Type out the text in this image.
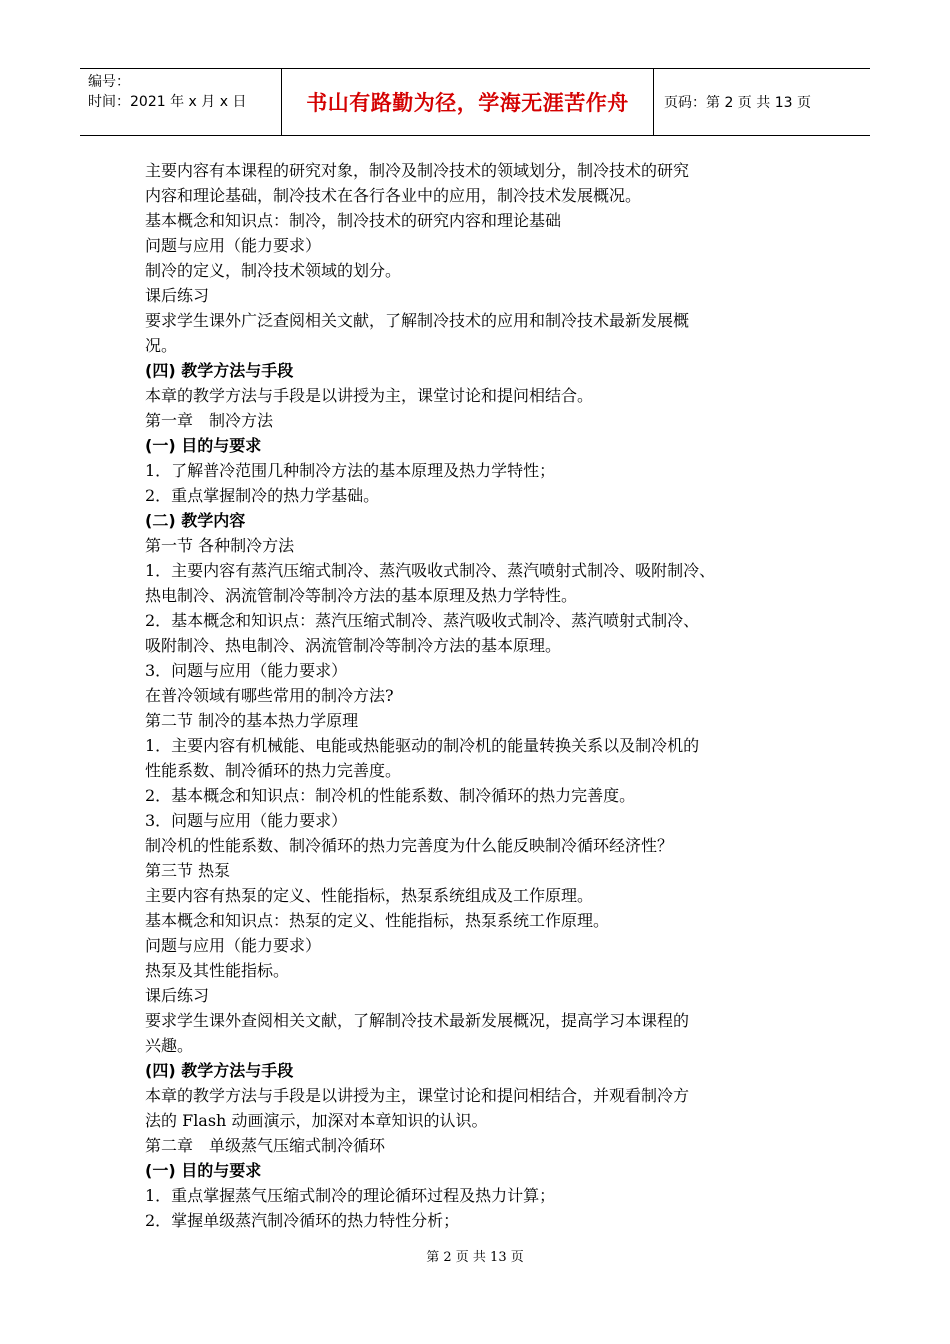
编号：
时间：2021 年 x 月 x 日	书山有路勤为径，学海无涯苦作舟	页码：第 2 页 共 13 页

主要内容有本课程的研究对象，制冷及制冷技术的领域划分，制冷技术的研究

内容和理论基础，制冷技术在各行各业中的应用，制冷技术发展概况。

基本概念和知识点：制冷，制冷技术的研究内容和理论基础

问题与应用（能力要求）

制冷的定义，制冷技术领域的划分。

课后练习

要求学生课外广泛查阅相关文献，了解制冷技术的应用和制冷技术最新发展概

况。

(四) 教学方法与手段

本章的教学方法与手段是以讲授为主，课堂讨论和提问相结合。

第一章　制冷方法

(一) 目的与要求

1．了解普冷范围几种制冷方法的基本原理及热力学特性；

2．重点掌握制冷的热力学基础。

(二) 教学内容

第一节 各种制冷方法

1．主要内容有蒸汽压缩式制冷、蒸汽吸收式制冷、蒸汽喷射式制冷、吸附制冷、

热电制冷、涡流管制冷等制冷方法的基本原理及热力学特性。

2．基本概念和知识点：蒸汽压缩式制冷、蒸汽吸收式制冷、蒸汽喷射式制冷、

吸附制冷、热电制冷、涡流管制冷等制冷方法的基本原理。

3．问题与应用（能力要求）

在普冷领域有哪些常用的制冷方法?

第二节 制冷的基本热力学原理

1．主要内容有机械能、电能或热能驱动的制冷机的能量转换关系以及制冷机的

性能系数、制冷循环的热力完善度。

2．基本概念和知识点：制冷机的性能系数、制冷循环的热力完善度。

3．问题与应用（能力要求）

制冷机的性能系数、制冷循环的热力完善度为什么能反映制冷循环经济性？

第三节 热泵

主要内容有热泵的定义、性能指标，热泵系统组成及工作原理。

基本概念和知识点：热泵的定义、性能指标，热泵系统工作原理。

问题与应用（能力要求）

热泵及其性能指标。

课后练习

要求学生课外查阅相关文献，了解制冷技术最新发展概况，提高学习本课程的

兴趣。

(四) 教学方法与手段

本章的教学方法与手段是以讲授为主，课堂讨论和提问相结合，并观看制冷方

法的 Flash 动画演示，加深对本章知识的认识。

第二章　单级蒸气压缩式制冷循环

(一) 目的与要求

1．重点掌握蒸气压缩式制冷的理论循环过程及热力计算；

2．掌握单级蒸汽制冷循环的热力特性分析；

第 2 页 共 13 页
